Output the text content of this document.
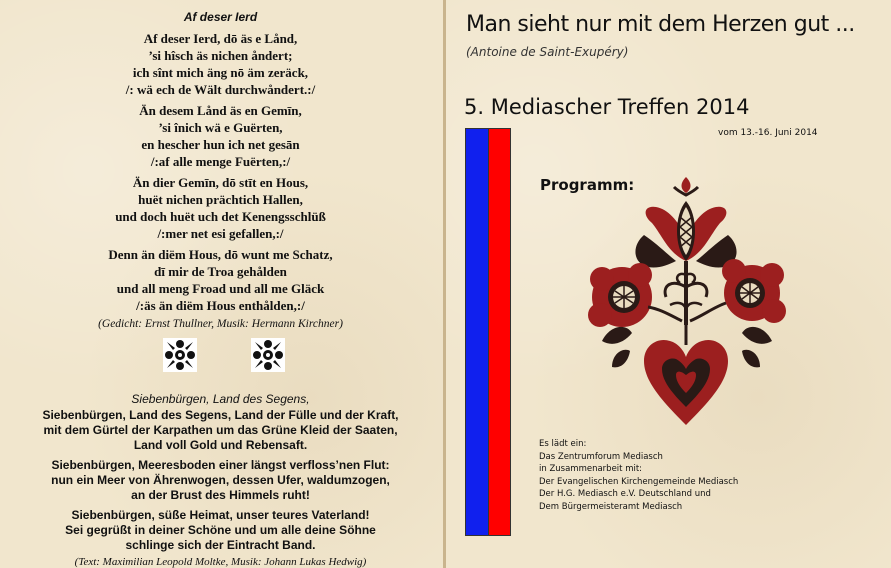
Af deser Ierd
Af deser Ierd, dō äs e Lånd,
’si hîsch äs nichen åndert;
ich sînt mich äng nō äm zeräck,
/: wä ech de Wält durchwåndert.:/
Än desem Lånd äs en Gemīn,
’si înich wä e Guërten,
en hescher hun ich net gesān
/:af alle menge Fuërten,:/
Än dier Gemīn, dō stīt en Hous,
huët nichen prächtich Hallen,
und doch huët uch det Kenengsschlüß
/:mer net esi gefallen,:/
Denn än diëm Hous, dō wunt me Schatz,
dī mir de Troa gehålden
und all meng Froad und all me Gläck
/:äs än diëm Hous enthålden,:/
(Gedicht: Ernst Thullner, Musik: Hermann Kirchner)
Siebenbürgen, Land des Segens,
Siebenbürgen, Land des Segens, Land der Fülle und der Kraft,
mit dem Gürtel der Karpathen um das Grüne Kleid der Saaten,
Land voll Gold und Rebensaft.
Siebenbürgen, Meeresboden einer längst verfloss’nen Flut:
nun ein Meer von Ährenwogen, dessen Ufer, waldumzogen,
an der Brust des Himmels ruht!
Siebenbürgen, süße Heimat, unser teures Vaterland!
Sei gegrüßt in deiner Schöne und um alle deine Söhne
schlinge sich der Eintracht Band.
(Text: Maximilian Leopold Moltke, Musik: Johann Lukas Hedwig)
Man sieht nur mit dem Herzen gut ...
(Antoine de Saint-Exupéry)
5. Mediascher Treffen 2014
vom 13.-16. Juni 2014
Programm:
Es lädt ein:
Das Zentrumforum Mediasch
in Zusammenarbeit mit:
Der Evangelischen Kirchengemeinde Mediasch
Der H.G. Mediasch e.V. Deutschland und
Dem Bürgermeisteramt Mediasch
